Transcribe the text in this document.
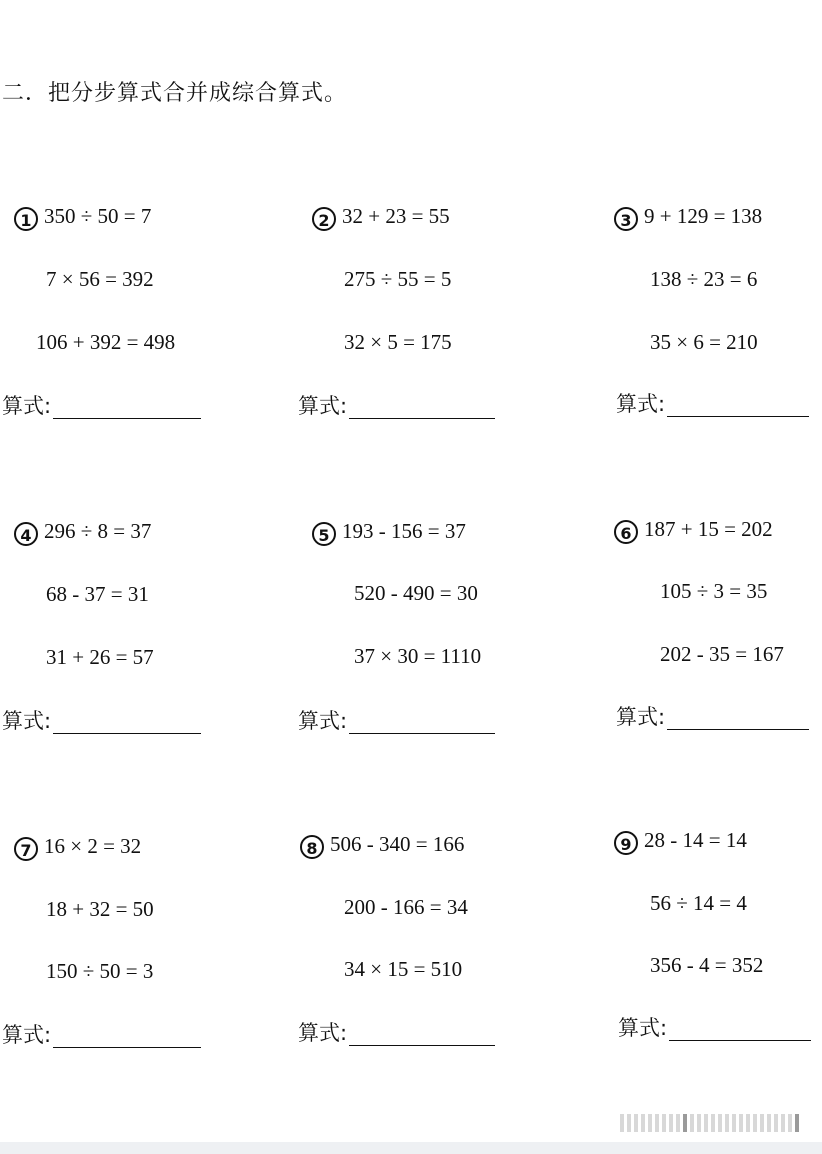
二．把分步算式合并成综合算式。
1 350 ÷ 50 = 7
7 × 56 = 392
106 + 392 = 498
算式:
2 32 + 23 = 55
275 ÷ 55 = 5
32 × 5 = 175
算式:
3 9 + 129 = 138
138 ÷ 23 = 6
35 × 6 = 210
算式:
4 296 ÷ 8 = 37
68 - 37 = 31
31 + 26 = 57
算式:
5 193 - 156 = 37
520 - 490 = 30
37 × 30 = 1110
算式:
6 187 + 15 = 202
105 ÷ 3 = 35
202 - 35 = 167
算式:
7 16 × 2 = 32
18 + 32 = 50
150 ÷ 50 = 3
算式:
8 506 - 340 = 166
200 - 166 = 34
34 × 15 = 510
算式:
9 28 - 14 = 14
56 ÷ 14 = 4
356 - 4 = 352
算式:
